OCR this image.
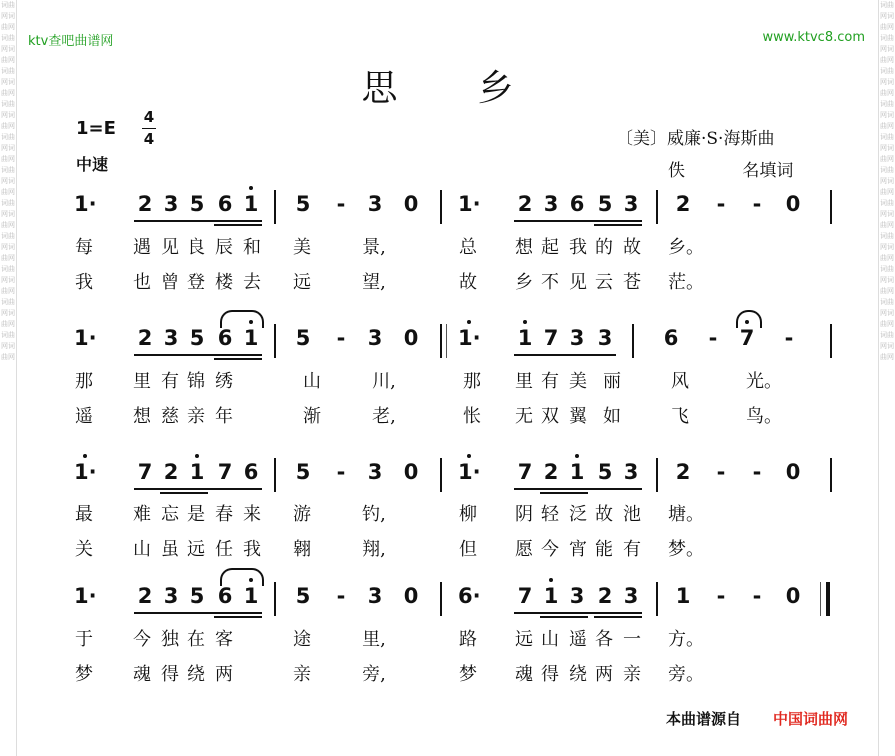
词曲网词曲网词曲网词曲网词曲网词曲网词曲网词曲网词曲网词曲网词曲网词曲网词曲网词曲网词曲网词曲网词曲网词曲网词曲网词曲网词曲网词曲网
词曲网词曲网词曲网词曲网词曲网词曲网词曲网词曲网词曲网词曲网词曲网词曲网词曲网词曲网词曲网词曲网词曲网词曲网词曲网词曲网词曲网词曲网
ktv查吧曲谱网	www.ktvc8.com
思乡
1=E
4
4
中速
〔美〕威廉·S·海斯曲
佚 名填词
1· 2 3 5 6 1 5	-	3 0 1· 2 3 6 5 3 2	-	-	0
每 遇 见 良 辰 和 美	景,	总 想 起 我 的 故 乡。
我 也 曾 登 楼 去 远	望,	故 乡 不 见 云 苍 茫。
1· 2 3 5 6 1 5	-	3 0 1· 1 7 3 3 6	-	7	-
那 里 有 锦 绣	山	川,	那 里 有 美 丽	风	光。
遥 想 慈 亲 年	渐	老,	怅 无 双 翼 如	飞	鸟。
1· 7 2 1 7 6 5	-	3 0 1· 7 2 1 5 3 2	-	-	0
最 难 忘 是 春 来 游	钓,	柳 阴 轻 泛 故 池 塘。
关 山 虽 远 任 我 翱	翔,	但 愿 今 宵 能 有 梦。
1· 2 3 5 6 1 5	-	3 0 6· 7 1 3 2 3 1	-	-	0
于 今 独 在 客	途	里,	路 远 山 遥 各 一 方。
梦 魂 得 绕 两	亲	旁,	梦 魂 得 绕 两 亲 旁。
本曲谱源自 中国词曲网
